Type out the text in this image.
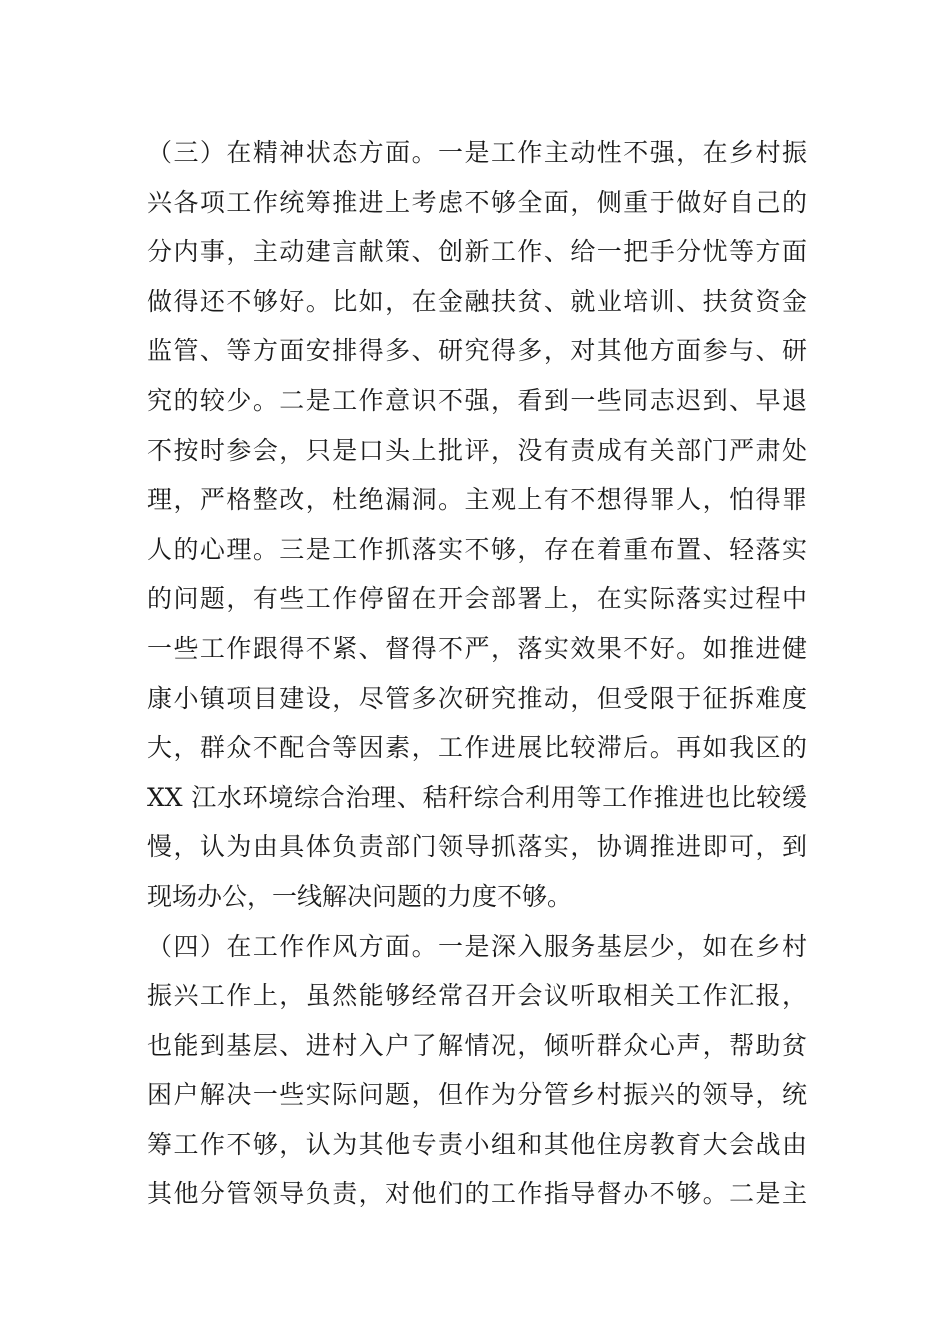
（三）在精神状态方面。一是工作主动性不强，在乡村振
兴各项工作统筹推进上考虑不够全面，侧重于做好自己的
分内事，主动建言献策、创新工作、给一把手分忧等方面
做得还不够好。比如，在金融扶贫、就业培训、扶贫资金
监管、等方面安排得多、研究得多，对其他方面参与、研
究的较少。二是工作意识不强，看到一些同志迟到、早退
不按时参会，只是口头上批评，没有责成有关部门严肃处
理，严格整改，杜绝漏洞。主观上有不想得罪人，怕得罪
人的心理。三是工作抓落实不够，存在着重布置、轻落实
的问题，有些工作停留在开会部署上，在实际落实过程中
一些工作跟得不紧、督得不严，落实效果不好。如推进健
康小镇项目建设，尽管多次研究推动，但受限于征拆难度
大，群众不配合等因素，工作进展比较滞后。再如我区的
XX 江水环境综合治理、秸秆综合利用等工作推进也比较缓
慢，认为由具体负责部门领导抓落实，协调推进即可，到
现场办公，一线解决问题的力度不够。
（四）在工作作风方面。一是深入服务基层少，如在乡村
振兴工作上，虽然能够经常召开会议听取相关工作汇报，
也能到基层、进村入户了解情况，倾听群众心声，帮助贫
困户解决一些实际问题，但作为分管乡村振兴的领导，统
筹工作不够，认为其他专责小组和其他住房教育大会战由
其他分管领导负责，对他们的工作指导督办不够。二是主
